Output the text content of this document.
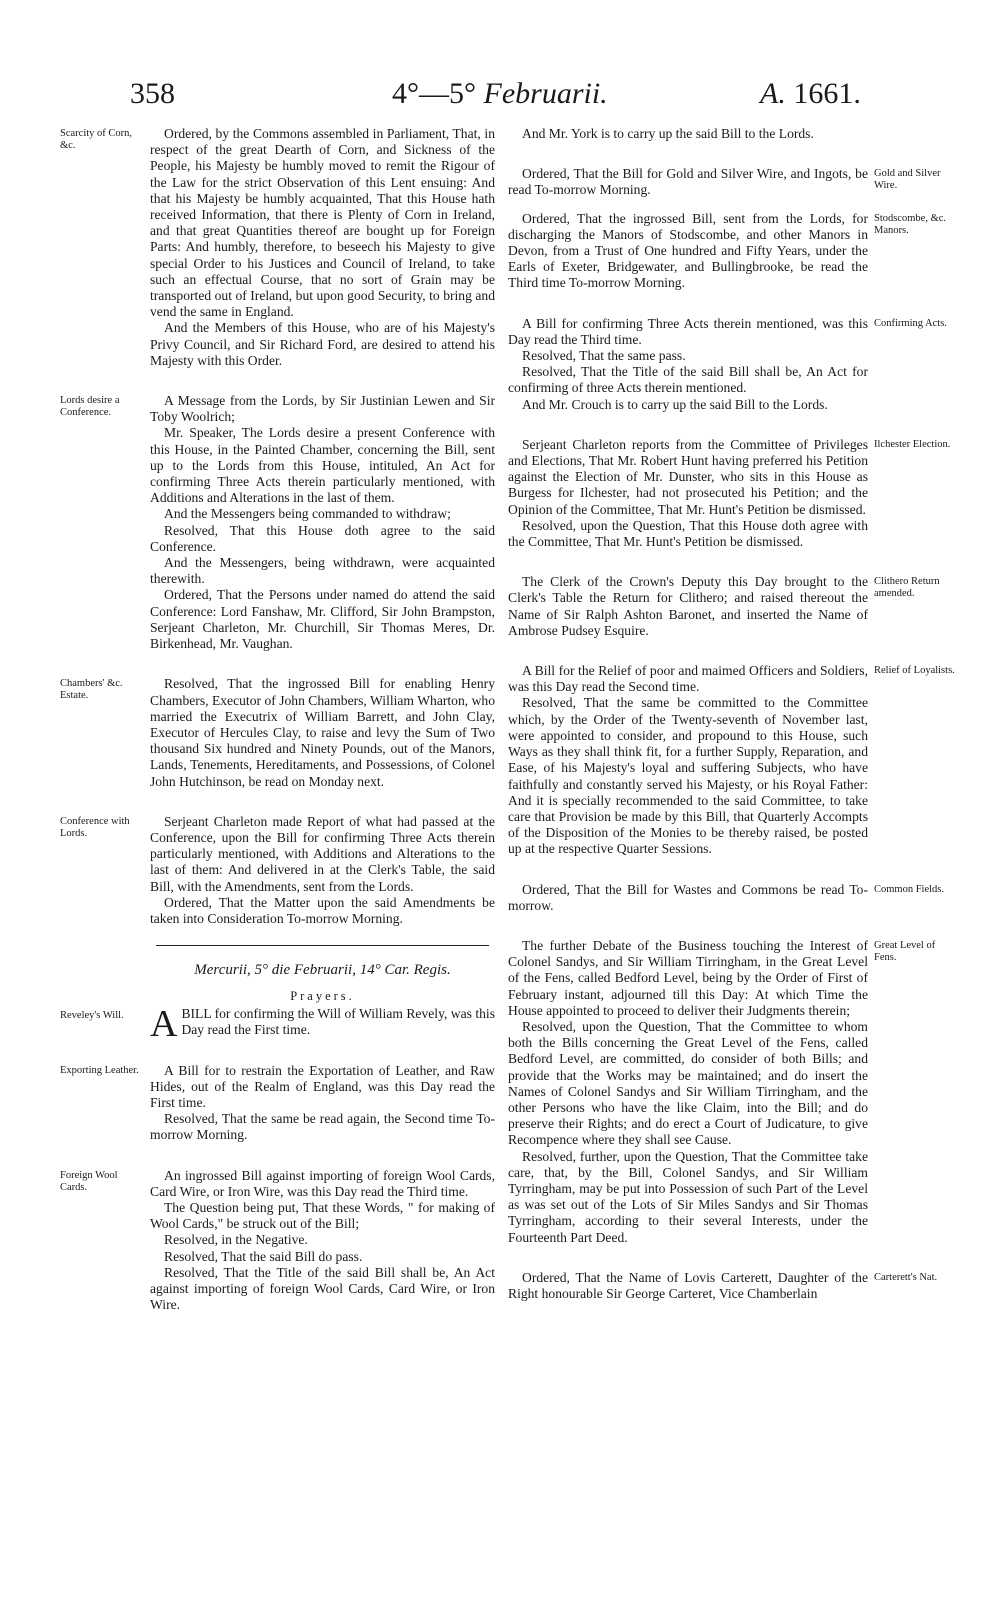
358	4°—5° Februarii.	A. 1661.
Scarcity of Corn, &c.

Ordered, by the Commons assembled in Parliament, That, in respect of the great Dearth of Corn, and Sickness of the People, his Majesty be humbly moved to remit the Rigour of the Law for the strict Observation of this Lent ensuing: And that his Majesty be humbly acquainted, That this House hath received Information, that there is Plenty of Corn in Ireland, and that great Quantities thereof are bought up for Foreign Parts: And humbly, therefore, to beseech his Majesty to give special Order to his Justices and Council of Ireland, to take such an effectual Course, that no sort of Grain may be transported out of Ireland, but upon good Security, to bring and vend the same in England.

And the Members of this House, who are of his Majesty's Privy Council, and Sir Richard Ford, are desired to attend his Majesty with this Order.

Lords desire a Conference.

A Message from the Lords, by Sir Justinian Lewen and Sir Toby Woolrich;

Mr. Speaker, The Lords desire a present Conference with this House, in the Painted Chamber, concerning the Bill, sent up to the Lords from this House, intituled, An Act for confirming Three Acts therein particularly mentioned, with Additions and Alterations in the last of them.

And the Messengers being commanded to withdraw;

Resolved, That this House doth agree to the said Conference.

And the Messengers, being withdrawn, were acquainted therewith.

Ordered, That the Persons under named do attend the said Conference: Lord Fanshaw, Mr. Clifford, Sir John Brampston, Serjeant Charleton, Mr. Churchill, Sir Thomas Meres, Dr. Birkenhead, Mr. Vaughan.

Chambers' &c. Estate.

Resolved, That the ingrossed Bill for enabling Henry Chambers, Executor of John Chambers, William Wharton, who married the Executrix of William Barrett, and John Clay, Executor of Hercules Clay, to raise and levy the Sum of Two thousand Six hundred and Ninety Pounds, out of the Manors, Lands, Tenements, Hereditaments, and Possessions, of Colonel John Hutchinson, be read on Monday next.

Conference with Lords.

Serjeant Charleton made Report of what had passed at the Conference, upon the Bill for confirming Three Acts therein particularly mentioned, with Additions and Alterations to the last of them: And delivered in at the Clerk's Table, the said Bill, with the Amendments, sent from the Lords.

Ordered, That the Matter upon the said Amendments be taken into Consideration To-morrow Morning.

Mercurii, 5° die Februarii, 14° Car. Regis.
Prayers.
Reveley's Will. A BILL for confirming the Will of William Revely, was this Day read the First time.

Exporting Leather.	A Bill for to restrain the Exportation of Leather, and Raw Hides, out of the Realm of England, was this Day read the First time.

Resolved, That the same be read again, the Second time To-morrow Morning.

Foreign Wool Cards.

An ingrossed Bill against importing of foreign Wool Cards, Card Wire, or Iron Wire, was this Day read the Third time.

The Question being put, That these Words, " for making of Wool Cards," be struck out of the Bill;

Resolved, in the Negative.

Resolved, That the said Bill do pass.

Resolved, That the Title of the said Bill shall be, An Act against importing of foreign Wool Cards, Card Wire, or Iron Wire.

And Mr. York is to carry up the said Bill to the Lords.

Gold and Silver Wire.

Ordered, That the Bill for Gold and Silver Wire, and Ingots, be read To-morrow Morning.

Stodscombe, &c. Manors.

Ordered, That the ingrossed Bill, sent from the Lords, for discharging the Manors of Stodscombe, and other Manors in Devon, from a Trust of One hundred and Fifty Years, under the Earls of Exeter, Bridgewater, and Bullingbrooke, be read the Third time To-morrow Morning.

Confirming Acts.

A Bill for confirming Three Acts therein mentioned, was this Day read the Third time.

Resolved, That the same pass.

Resolved, That the Title of the said Bill shall be, An Act for confirming of three Acts therein mentioned.

And Mr. Crouch is to carry up the said Bill to the Lords.

Ilchester Election.

Serjeant Charleton reports from the Committee of Privileges and Elections, That Mr. Robert Hunt having preferred his Petition against the Election of Mr. Dunster, who sits in this House as Burgess for Ilchester, had not prosecuted his Petition; and the Opinion of the Committee, That Mr. Hunt's Petition be dismissed.

Resolved, upon the Question, That this House doth agree with the Committee, That Mr. Hunt's Petition be dismissed.

Clithero Return amended.

The Clerk of the Crown's Deputy this Day brought to the Clerk's Table the Return for Clithero; and raised thereout the Name of Sir Ralph Ashton Baronet, and inserted the Name of Ambrose Pudsey Esquire.

Relief of Loyalists.

A Bill for the Relief of poor and maimed Officers and Soldiers, was this Day read the Second time.

Resolved, That the same be committed to the Committee which, by the Order of the Twenty-seventh of November last, were appointed to consider, and propound to this House, such Ways as they shall think fit, for a further Supply, Reparation, and Ease, of his Majesty's loyal and suffering Subjects, who have faithfully and constantly served his Majesty, or his Royal Father: And it is specially recommended to the said Committee, to take care that Provision be made by this Bill, that Quarterly Accompts of the Disposition of the Monies to be thereby raised, be posted up at the respective Quarter Sessions.

Common Fields.

Ordered, That the Bill for Wastes and Commons be read To-morrow.

Great Level of Fens.

The further Debate of the Business touching the Interest of Colonel Sandys, and Sir William Tirringham, in the Great Level of the Fens, called Bedford Level, being by the Order of First of February instant, adjourned till this Day: At which Time the House appointed to proceed to deliver their Judgments therein;

Resolved, upon the Question, That the Committee to whom both the Bills concerning the Great Level of the Fens, called Bedford Level, are committed, do consider of both Bills; and provide that the Works may be maintained; and do insert the Names of Colonel Sandys and Sir William Tirringham, and the other Persons who have the like Claim, into the Bill; and do preserve their Rights; and do erect a Court of Judicature, to give Recompence where they shall see Cause.

Resolved, further, upon the Question, That the Committee take care, that, by the Bill, Colonel Sandys, and Sir William Tyrringham, may be put into Possession of such Part of the Level as was set out of the Lots of Sir Miles Sandys and Sir Thomas Tyrringham, according to their several Interests, under the Fourteenth Part Deed.

Carterett's Nat.

Ordered, That the Name of Lovis Carterett, Daughter of the Right honourable Sir George Carteret, Vice Chamberlain
